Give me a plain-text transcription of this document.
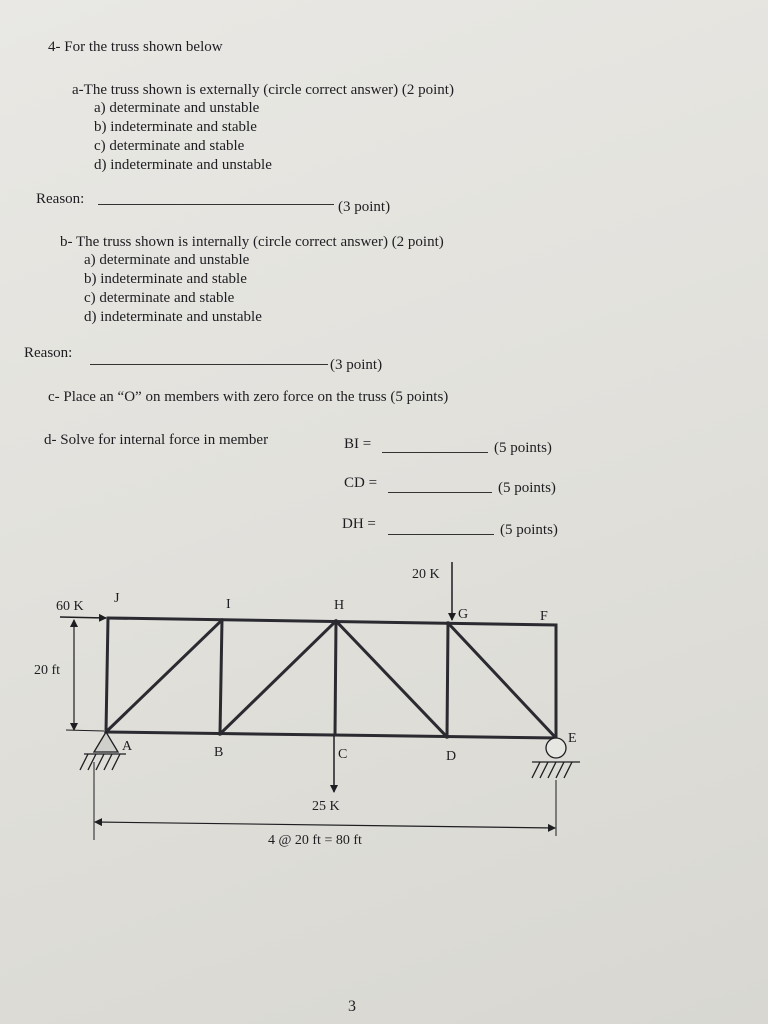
4- For the truss shown below
a-The truss shown is externally (circle correct answer) (2 point)
a) determinate and unstable
b) indeterminate and stable
c) determinate and stable
d) indeterminate and unstable
Reason:	(3 point)
b- The truss shown is internally (circle correct answer) (2 point)
a) determinate and unstable
b) indeterminate and stable
c) determinate and stable
d) indeterminate and unstable
Reason:
(3 point)
c- Place an “O” on members with zero force on the truss (5 points)
d- Solve for internal force in member	BI =	(5 points)
CD =	(5 points)
DH =	(5 points)
J	I	H
G	F
A	B	C	D
E
60 K
20 K
25 K
20 ft
4 @ 20 ft = 80 ft
3
